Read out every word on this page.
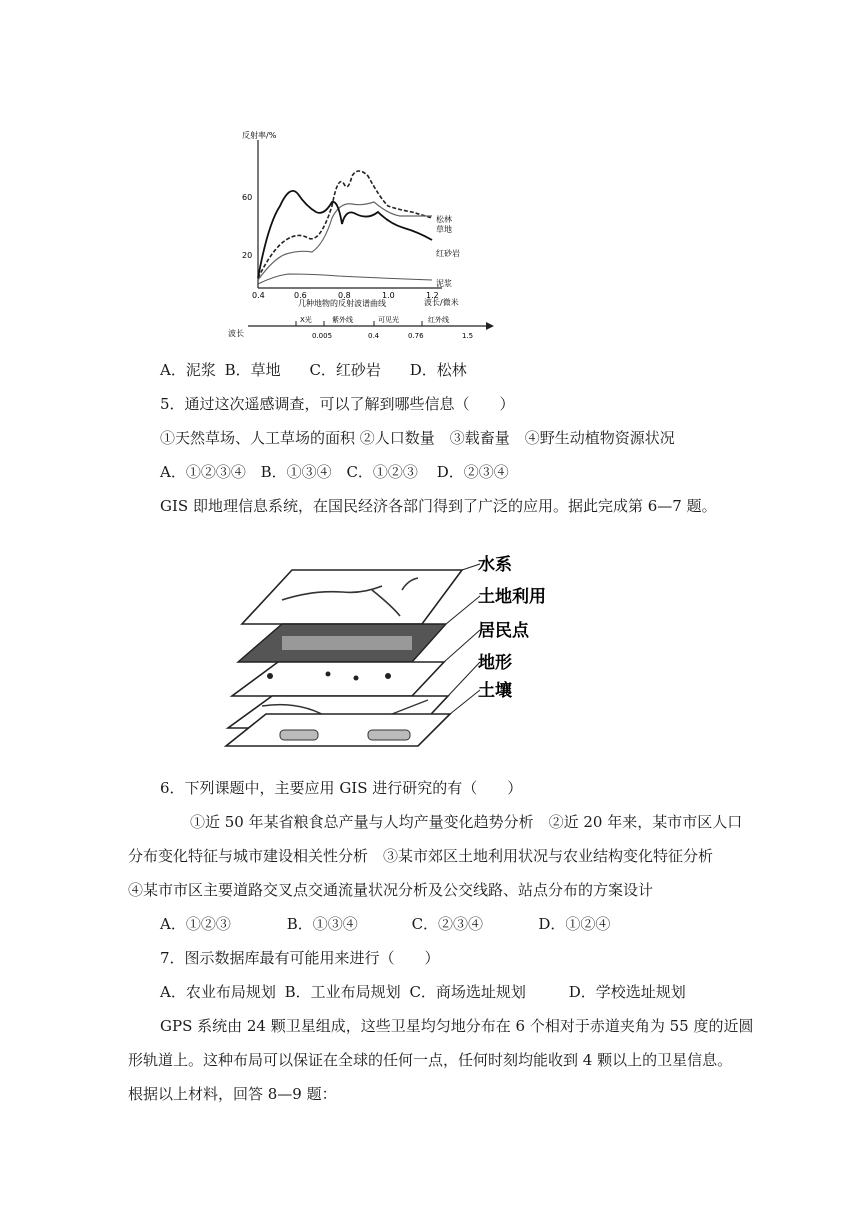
反射率/%
60
20
0.4	0.6	0.8	1.0	1.2
波长/微米
几种地物的反射波谱曲线
松林
草地
红砂岩
泥浆
波长
X光	紫外线	可见光	红外线
0.005	0.4	0.76	1.5
A．泥浆 B．草地 C．红砂岩 D．松林
5．通过这次遥感调查，可以了解到哪些信息（　　）
①天然草场、人工草场的面积 ②人口数量　③载畜量　④野生动植物资源状况
A．①②③④ B．①③④ C．①②③ D．②③④
GIS 即地理信息系统，在国民经济各部门得到了广泛的应用。据此完成第 6—7 题。
水系
土地利用
居民点
地形
土壤
6．下列课题中，主要应用 GIS 进行研究的有（　　）
①近 50 年某省粮食总产量与人均产量变化趋势分析　②近 20 年来，某市市区人口
分布变化特征与城市建设相关性分析　③某市郊区土地利用状况与农业结构变化特征分析
④某市市区主要道路交叉点交通流量状况分析及公交线路、站点分布的方案设计
A．①②③	B．①③④	C．②③④	D．①②④
7．图示数据库最有可能用来进行（　　）
A．农业布局规划 B．工业布局规划 C．商场选址规划	D．学校选址规划
GPS 系统由 24 颗卫星组成，这些卫星均匀地分布在 6 个相对于赤道夹角为 55 度的近圆
形轨道上。这种布局可以保证在全球的任何一点，任何时刻均能收到 4 颗以上的卫星信息。
根据以上材料，回答 8—9 题：
